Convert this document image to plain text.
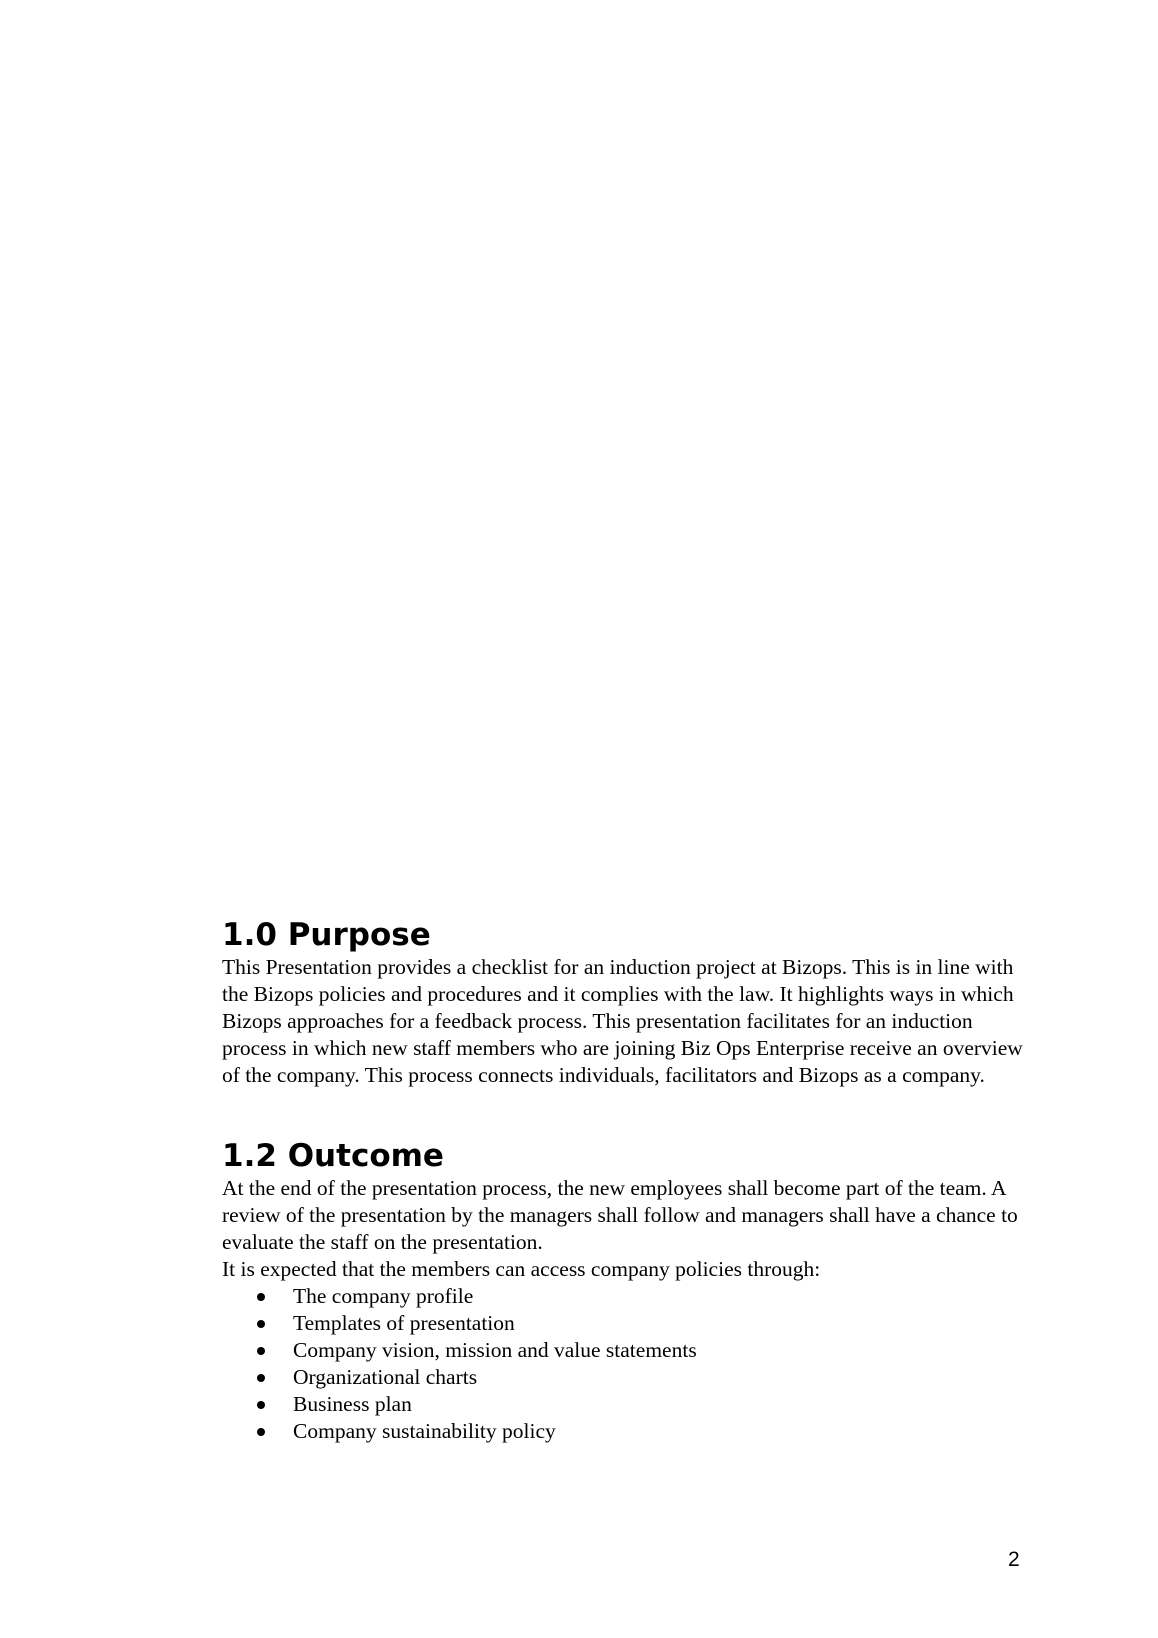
1.0 Purpose

This Presentation provides a checklist for an induction project at Bizops. This is in line with the Bizops policies and procedures and it complies with the law. It highlights ways in which Bizops approaches for a feedback process. This presentation facilitates for an induction process in which new staff members who are joining Biz Ops Enterprise receive an overview of the company. This process connects individuals, facilitators and Bizops as a company.

1.2 Outcome

At the end of the presentation process, the new employees shall become part of the team. A review of the presentation by the managers shall follow and managers shall have a chance to evaluate the staff on the presentation.

It is expected that the members can access company policies through:

The company profile
Templates of presentation
Company vision, mission and value statements
Organizational charts
Business plan
Company sustainability policy
2
